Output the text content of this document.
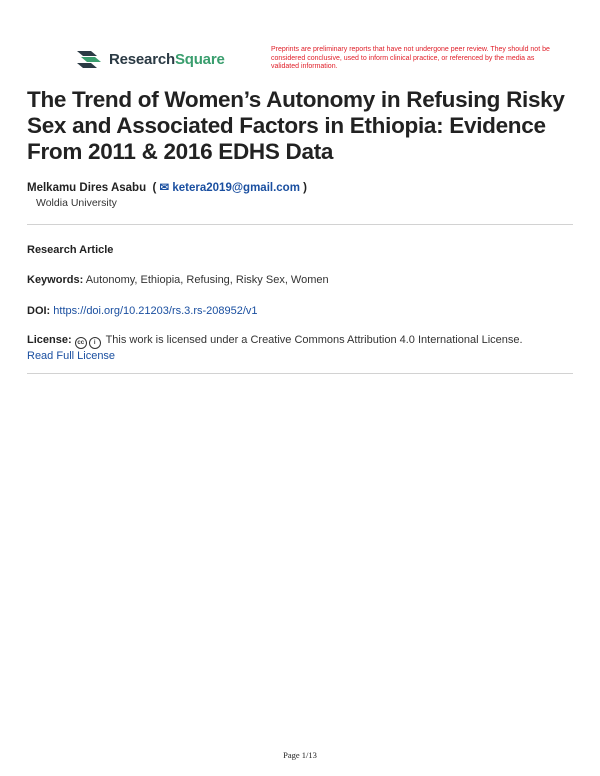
ResearchSquare
Preprints are preliminary reports that have not undergone peer review. They should not be considered conclusive, used to inform clinical practice, or referenced by the media as validated information.
The Trend of Women’s Autonomy in Refusing Risky Sex and Associated Factors in Ethiopia: Evidence From 2011 & 2016 EDHS Data
Melkamu Dires Asabu  ( ✉ ketera2019@gmail.com )
Woldia University
Research Article
Keywords: Autonomy, Ethiopia, Refusing, Risky Sex, Women
DOI: https://doi.org/10.21203/rs.3.rs-208952/v1
License: cc i This work is licensed under a Creative Commons Attribution 4.0 International License.
Read Full License
Page 1/13
